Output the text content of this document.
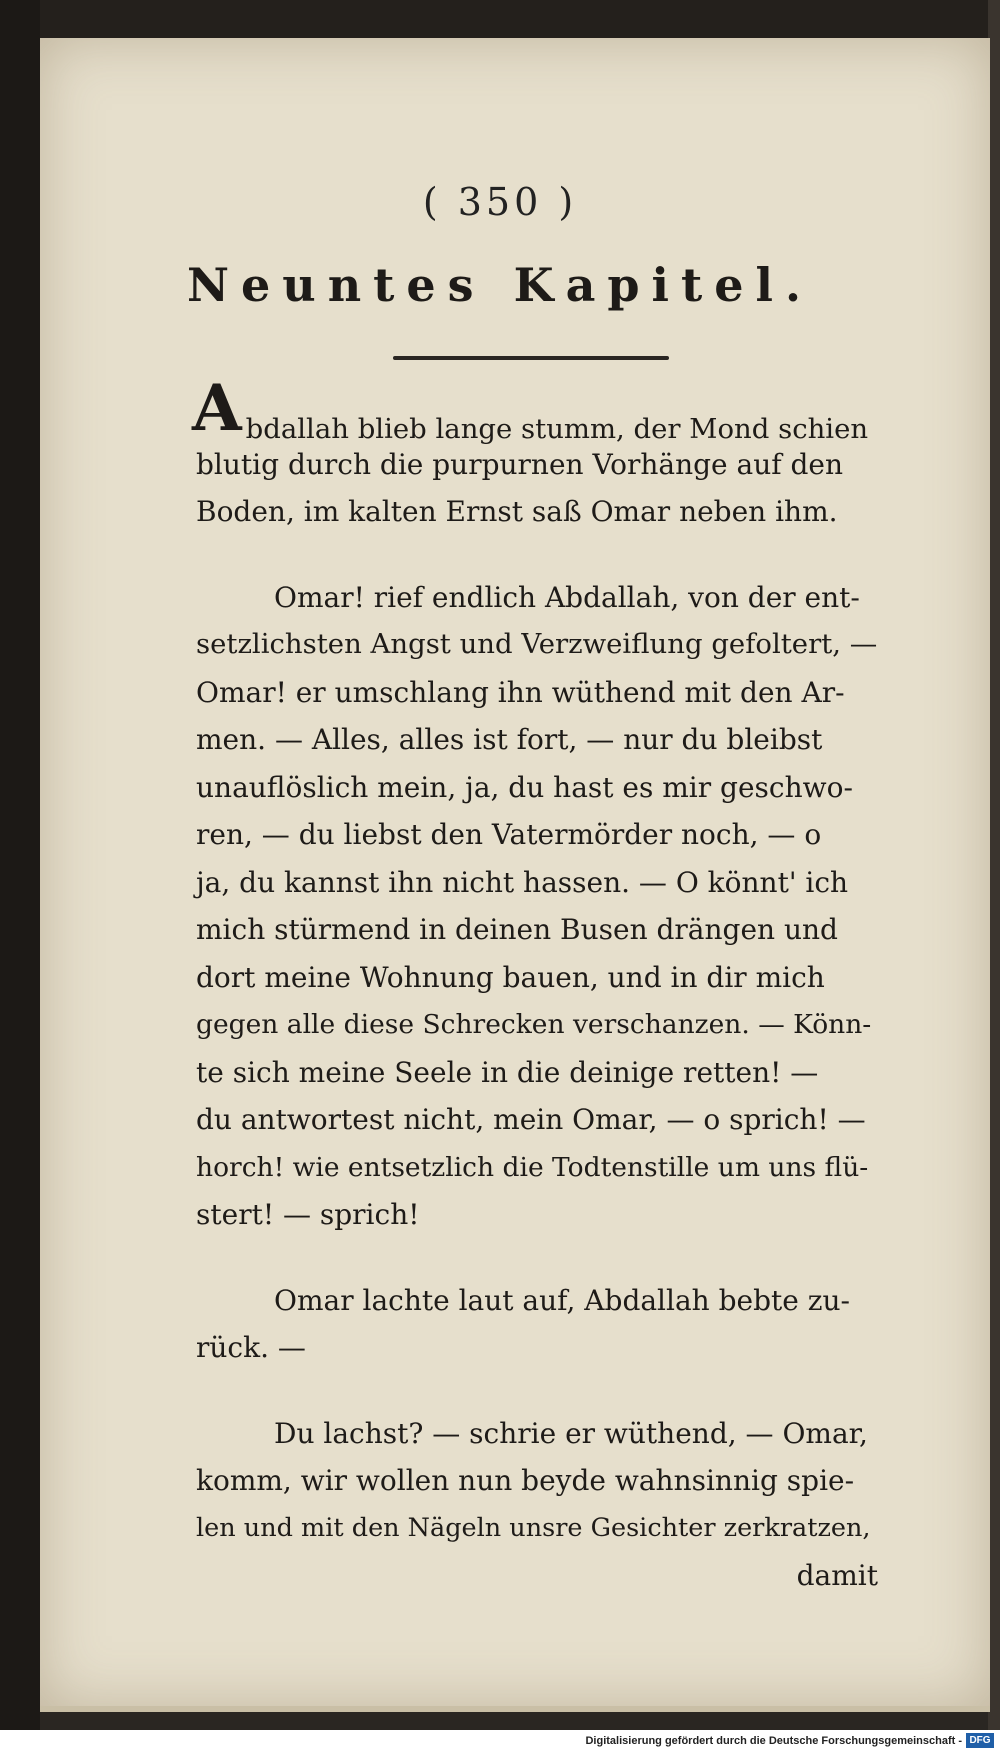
( 350 )
Neuntes Kapitel.
Abdallah blieb lange stumm, der Mond schien
blutig durch die purpurnen Vorhänge auf den
Boden, im kalten Ernst saß Omar neben ihm.
Omar! rief endlich Abdallah, von der ent-
setzlichsten Angst und Verzweiflung gefoltert, —
Omar! er umschlang ihn wüthend mit den Ar-
men. — Alles, alles ist fort, — nur du bleibst
unauflöslich mein, ja, du hast es mir geschwo-
ren, — du liebst den Vatermörder noch, — o
ja, du kannst ihn nicht hassen. — O könnt' ich
mich stürmend in deinen Busen drängen und
dort meine Wohnung bauen, und in dir mich
gegen alle diese Schrecken verschanzen. — Könn-
te sich meine Seele in die deinige retten! —
du antwortest nicht, mein Omar, — o sprich! —
horch! wie entsetzlich die Todtenstille um uns flü-
stert! — sprich!
Omar lachte laut auf, Abdallah bebte zu-
rück. —
Du lachst? — schrie er wüthend, — Omar,
komm, wir wollen nun beyde wahnsinnig spie-
len und mit den Nägeln unsre Gesichter zerkratzen,
damit
Digitalisierung gefördert durch die Deutsche Forschungsgemeinschaft - DFG
